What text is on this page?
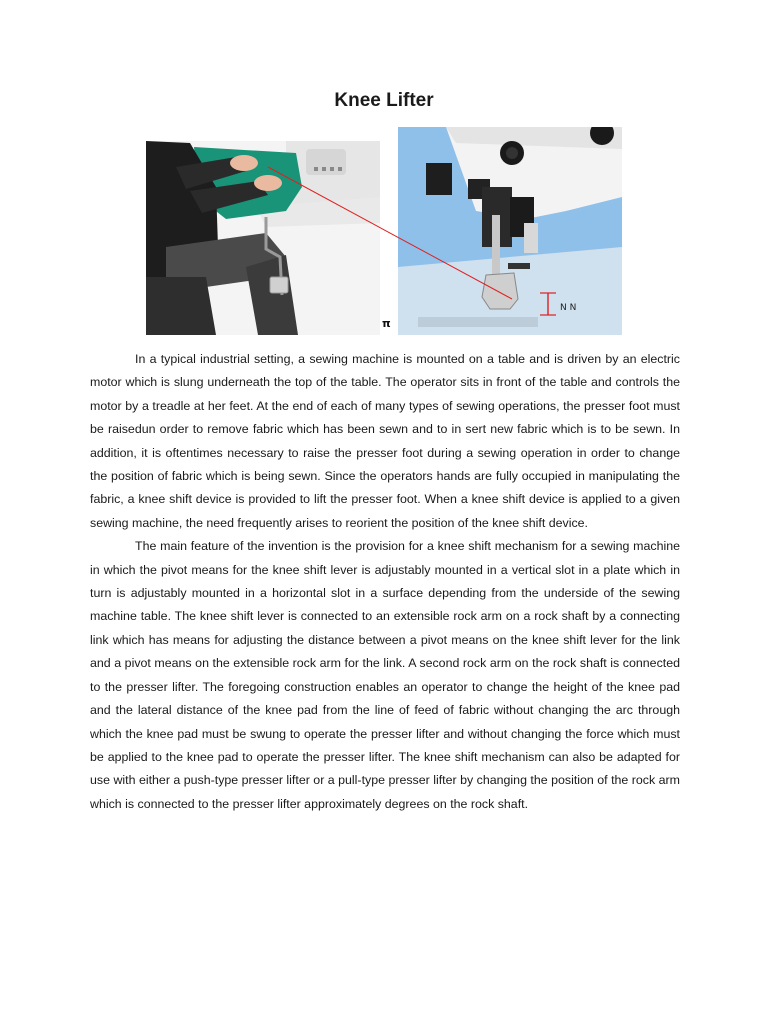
Knee Lifter
π
N N

In a typical industrial setting, a sewing machine is mounted on a table and is driven by an electric motor which is slung underneath the top of the table. The operator sits in front of the table and controls the motor by a treadle at her feet. At the end of each of many types of sewing operations, the presser foot must be raisedun order to remove fabric which has been sewn and to in sert new fabric which is to be sewn. In addition, it is oftentimes necessary to raise the presser foot during a sewing operation in order to change the position of fabric which is being sewn. Since the operators hands are fully occupied in manipulating the fabric, a knee shift device is provided to lift the presser foot. When a knee shift device is applied to a given sewing machine, the need frequently arises to reorient the position of the knee shift device.

The main feature of the invention is the provision for a knee shift mechanism for a sewing machine in which the pivot means for the knee shift lever is adjustably mounted in a vertical slot in a plate which in turn is adjustably mounted in a horizontal slot in a surface depending from the underside of the sewing machine table. The knee shift lever is connected to an extensible rock arm on a rock shaft by a connecting link which has means for adjusting the distance between a pivot means on the knee shift lever for the link and a pivot means on the extensible rock arm for the link. A second rock arm on the rock shaft is connected to the presser lifter. The foregoing construction enables an operator to change the height of the knee pad and the lateral distance of the knee pad from the line of feed of fabric without changing the arc through which the knee pad must be swung to operate the presser lifter and without changing the force which must be applied to the knee pad to operate the presser lifter. The knee shift mechanism can also be adapted for use with either a push-type presser lifter or a pull-type presser lifter by changing the position of the rock arm which is connected to the presser lifter approximately degrees on the rock shaft.
